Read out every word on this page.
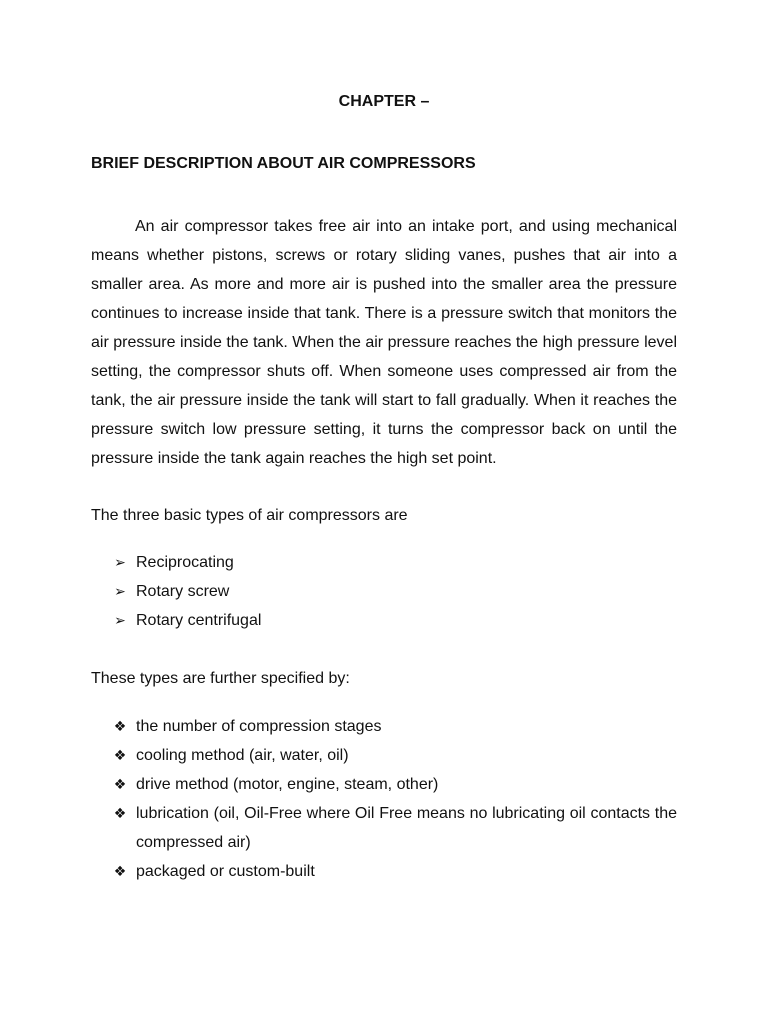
CHAPTER –
BRIEF DESCRIPTION ABOUT AIR COMPRESSORS

An air compressor takes free air into an intake port, and using mechanical means whether pistons, screws or rotary sliding vanes, pushes that air into a smaller area. As more and more air is pushed into the smaller area the pressure continues to increase inside that tank. There is a pressure switch that monitors the air pressure inside the tank. When the air pressure reaches the high pressure level setting, the compressor shuts off. When someone uses compressed air from the tank, the air pressure inside the tank will start to fall gradually. When it reaches the pressure switch low pressure setting, it turns the compressor back on until the pressure inside the tank again reaches the high set point.

The three basic types of air compressors are

➢ Reciprocating
➢ Rotary screw
➢ Rotary centrifugal

These types are further specified by:

❖ the number of compression stages
❖ cooling method (air, water, oil)
❖ drive method (motor, engine, steam, other)
❖ lubrication (oil, Oil-Free where Oil Free means no lubricating oil contacts the compressed air)
❖ packaged or custom-built
